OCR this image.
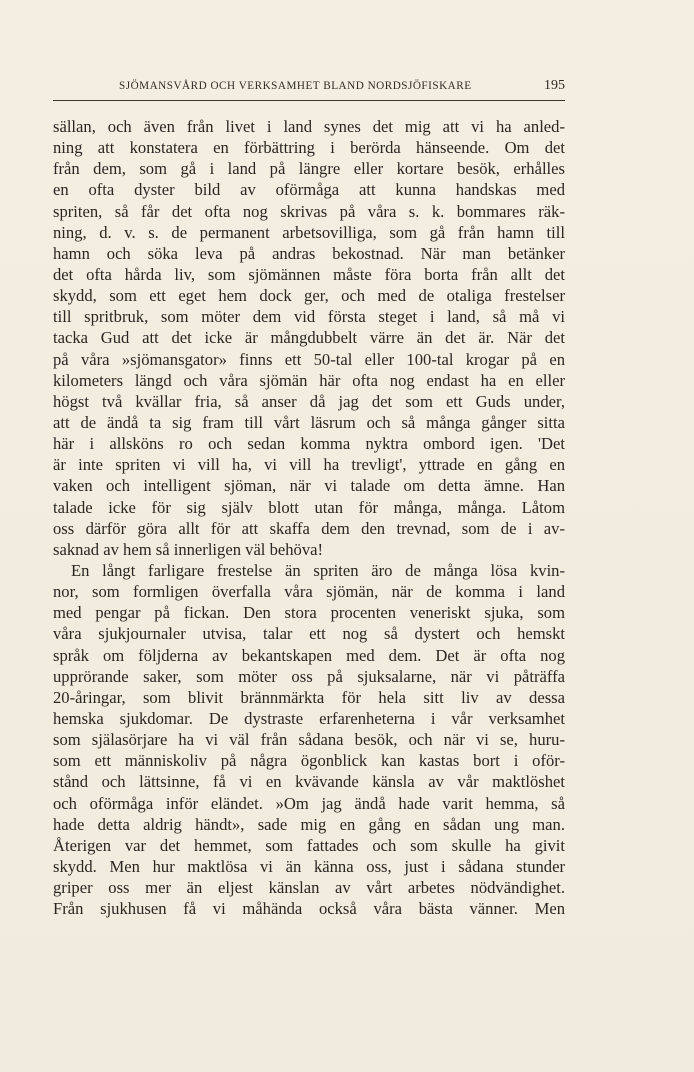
SJÖMANSVÅRD OCH VERKSAMHET BLAND NORDSJÖFISKARE	195
sällan, och även från livet i land synes det mig att vi ha anled-
ning att konstatera en förbättring i berörda hänseende. Om det
från dem, som gå i land på längre eller kortare besök, erhålles
en ofta dyster bild av oförmåga att kunna handskas med
spriten, så får det ofta nog skrivas på våra s. k. bommares räk-
ning, d. v. s. de permanent arbetsovilliga, som gå från hamn till
hamn och söka leva på andras bekostnad. När man betänker
det ofta hårda liv, som sjömännen måste föra borta från allt det
skydd, som ett eget hem dock ger, och med de otaliga frestelser
till spritbruk, som möter dem vid första steget i land, så må vi
tacka Gud att det icke är mångdubbelt värre än det är. När det
på våra »sjömansgator» finns ett 50-tal eller 100-tal krogar på en
kilometers längd och våra sjömän här ofta nog endast ha en eller
högst två kvällar fria, så anser då jag det som ett Guds under,
att de ändå ta sig fram till vårt läsrum och så många gånger sitta
här i allsköns ro och sedan komma nyktra ombord igen. 'Det
är inte spriten vi vill ha, vi vill ha trevligt', yttrade en gång en
vaken och intelligent sjöman, när vi talade om detta ämne. Han
talade icke för sig själv blott utan för många, många. Låtom
oss därför göra allt för att skaffa dem den trevnad, som de i av-
saknad av hem så innerligen väl behöva!
En långt farligare frestelse än spriten äro de många lösa kvin-
nor, som formligen överfalla våra sjömän, när de komma i land
med pengar på fickan. Den stora procenten veneriskt sjuka, som
våra sjukjournaler utvisa, talar ett nog så dystert och hemskt
språk om följderna av bekantskapen med dem. Det är ofta nog
upprörande saker, som möter oss på sjuksalarne, när vi påträffa
20-åringar, som blivit brännmärkta för hela sitt liv av dessa
hemska sjukdomar. De dystraste erfarenheterna i vår verksamhet
som själasörjare ha vi väl från sådana besök, och när vi se, huru-
som ett människoliv på några ögonblick kan kastas bort i oför-
stånd och lättsinne, få vi en kvävande känsla av vår maktlöshet
och oförmåga inför eländet. »Om jag ändå hade varit hemma, så
hade detta aldrig händt», sade mig en gång en sådan ung man.
Återigen var det hemmet, som fattades och som skulle ha givit
skydd. Men hur maktlösa vi än känna oss, just i sådana stunder
griper oss mer än eljest känslan av vårt arbetes nödvändighet.
Från sjukhusen få vi måhända också våra bästa vänner. Men
